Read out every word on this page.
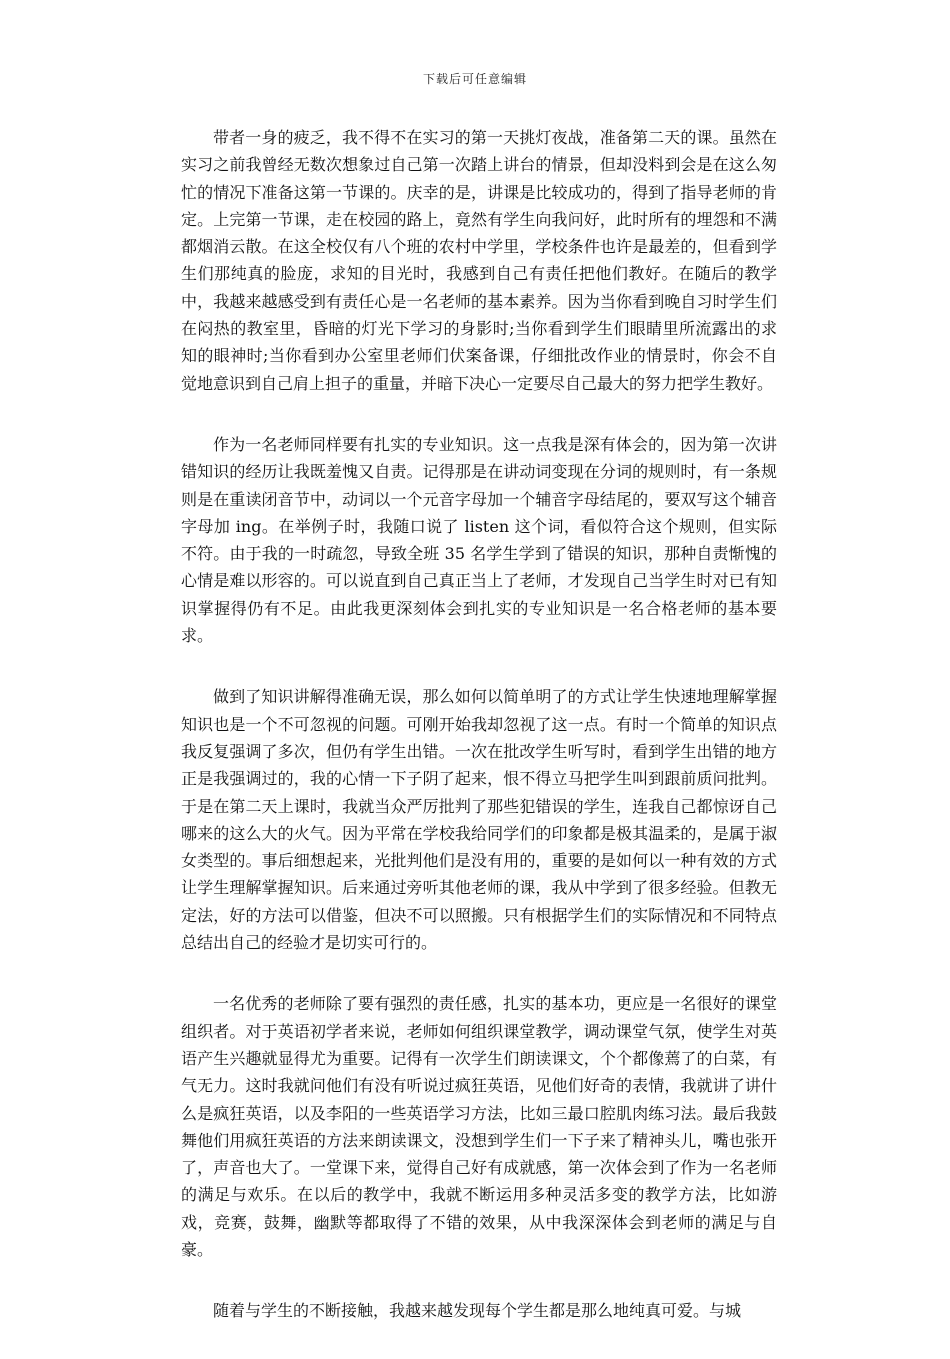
下载后可任意编辑

带者一身的疲乏，我不得不在实习的第一天挑灯夜战，准备第二天的课。虽然在实习之前我曾经无数次想象过自己第一次踏上讲台的情景，但却没料到会是在这么匆忙的情况下准备这第一节课的。庆幸的是，讲课是比较成功的，得到了指导老师的肯定。上完第一节课，走在校园的路上，竟然有学生向我问好，此时所有的埋怨和不满都烟消云散。在这全校仅有八个班的农村中学里，学校条件也许是最差的，但看到学生们那纯真的脸庞，求知的目光时，我感到自己有责任把他们教好。在随后的教学中，我越来越感受到有责任心是一名老师的基本素养。因为当你看到晚自习时学生们在闷热的教室里，昏暗的灯光下学习的身影时;当你看到学生们眼睛里所流露出的求知的眼神时;当你看到办公室里老师们伏案备课，仔细批改作业的情景时，你会不自觉地意识到自己肩上担子的重量，并暗下决心一定要尽自己最大的努力把学生教好。

作为一名老师同样要有扎实的专业知识。这一点我是深有体会的，因为第一次讲错知识的经历让我既羞愧又自责。记得那是在讲动词变现在分词的规则时，有一条规则是在重读闭音节中，动词以一个元音字母加一个辅音字母结尾的，要双写这个辅音字母加 ing。在举例子时，我随口说了 listen 这个词，看似符合这个规则，但实际不符。由于我的一时疏忽，导致全班 35 名学生学到了错误的知识，那种自责惭愧的心情是难以形容的。可以说直到自己真正当上了老师，才发现自己当学生时对已有知识掌握得仍有不足。由此我更深刻体会到扎实的专业知识是一名合格老师的基本要求。

做到了知识讲解得准确无误，那么如何以简单明了的方式让学生快速地理解掌握知识也是一个不可忽视的问题。可刚开始我却忽视了这一点。有时一个简单的知识点我反复强调了多次，但仍有学生出错。一次在批改学生听写时，看到学生出错的地方正是我强调过的，我的心情一下子阴了起来，恨不得立马把学生叫到跟前质问批判。于是在第二天上课时，我就当众严厉批判了那些犯错误的学生，连我自己都惊讶自己哪来的这么大的火气。因为平常在学校我给同学们的印象都是极其温柔的，是属于淑女类型的。事后细想起来，光批判他们是没有用的，重要的是如何以一种有效的方式让学生理解掌握知识。后来通过旁听其他老师的课，我从中学到了很多经验。但教无定法，好的方法可以借鉴，但决不可以照搬。只有根据学生们的实际情况和不同特点总结出自己的经验才是切实可行的。

一名优秀的老师除了要有强烈的责任感，扎实的基本功，更应是一名很好的课堂组织者。对于英语初学者来说，老师如何组织课堂教学，调动课堂气氛，使学生对英语产生兴趣就显得尤为重要。记得有一次学生们朗读课文，个个都像蔫了的白菜，有气无力。这时我就问他们有没有听说过疯狂英语，见他们好奇的表情，我就讲了讲什么是疯狂英语，以及李阳的一些英语学习方法，比如三最口腔肌肉练习法。最后我鼓舞他们用疯狂英语的方法来朗读课文，没想到学生们一下子来了精神头儿，嘴也张开了，声音也大了。一堂课下来，觉得自己好有成就感，第一次体会到了作为一名老师的满足与欢乐。在以后的教学中，我就不断运用多种灵活多变的教学方法，比如游戏，竞赛，鼓舞，幽默等都取得了不错的效果，从中我深深体会到老师的满足与自豪。

随着与学生的不断接触，我越来越发现每个学生都是那么地纯真可爱。与城
